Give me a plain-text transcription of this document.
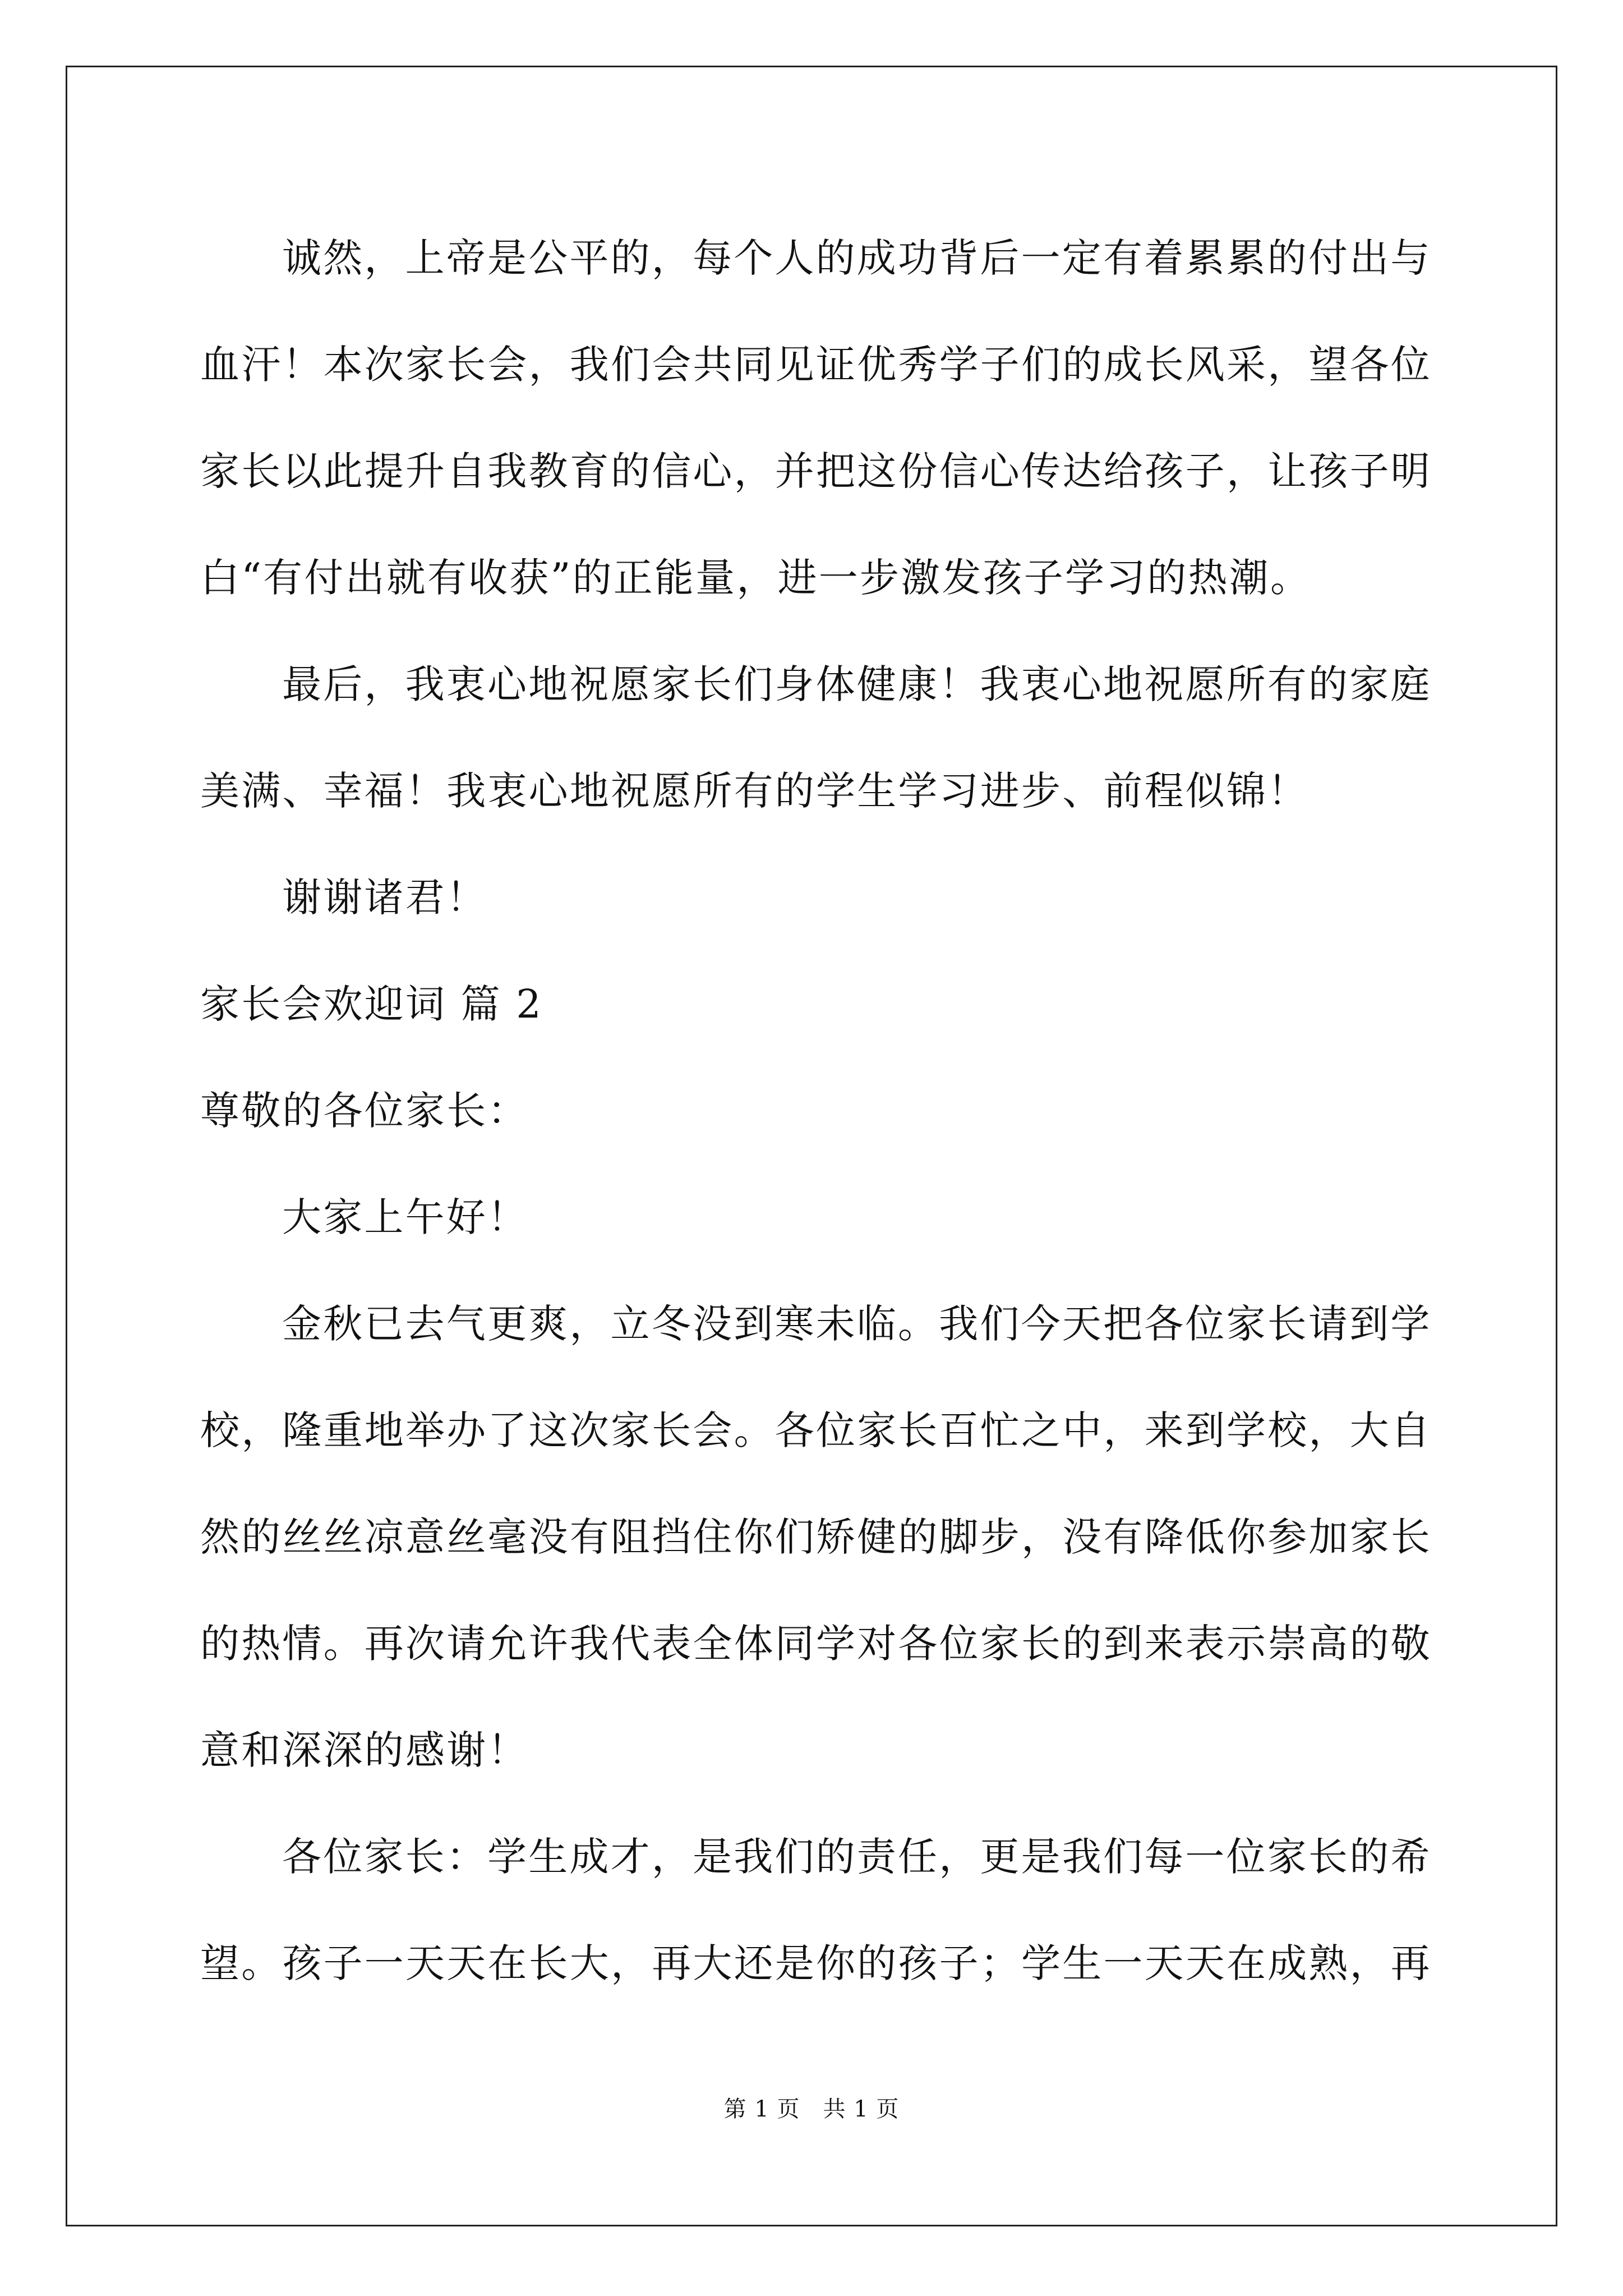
诚然，上帝是公平的，每个人的成功背后一定有着累累的付出与血汗！本次家长会，我们会共同见证优秀学子们的成长风采，望各位家长以此提升自我教育的信心，并把这份信心传达给孩子，让孩子明白“有付出就有收获”的正能量，进一步激发孩子学习的热潮。

最后，我衷心地祝愿家长们身体健康！我衷心地祝愿所有的家庭美满、幸福！我衷心地祝愿所有的学生学习进步、前程似锦！

谢谢诸君！

家长会欢迎词 篇 2

尊敬的各位家长：

大家上午好！

金秋已去气更爽，立冬没到寒未临。我们今天把各位家长请到学校，隆重地举办了这次家长会。各位家长百忙之中，来到学校，大自然的丝丝凉意丝毫没有阻挡住你们矫健的脚步，没有降低你参加家长的热情。再次请允许我代表全体同学对各位家长的到来表示崇高的敬意和深深的感谢！

各位家长：学生成才，是我们的责任，更是我们每一位家长的希望。孩子一天天在长大，再大还是你的孩子；学生一天天在成熟，再

第 1 页　共 1 页
